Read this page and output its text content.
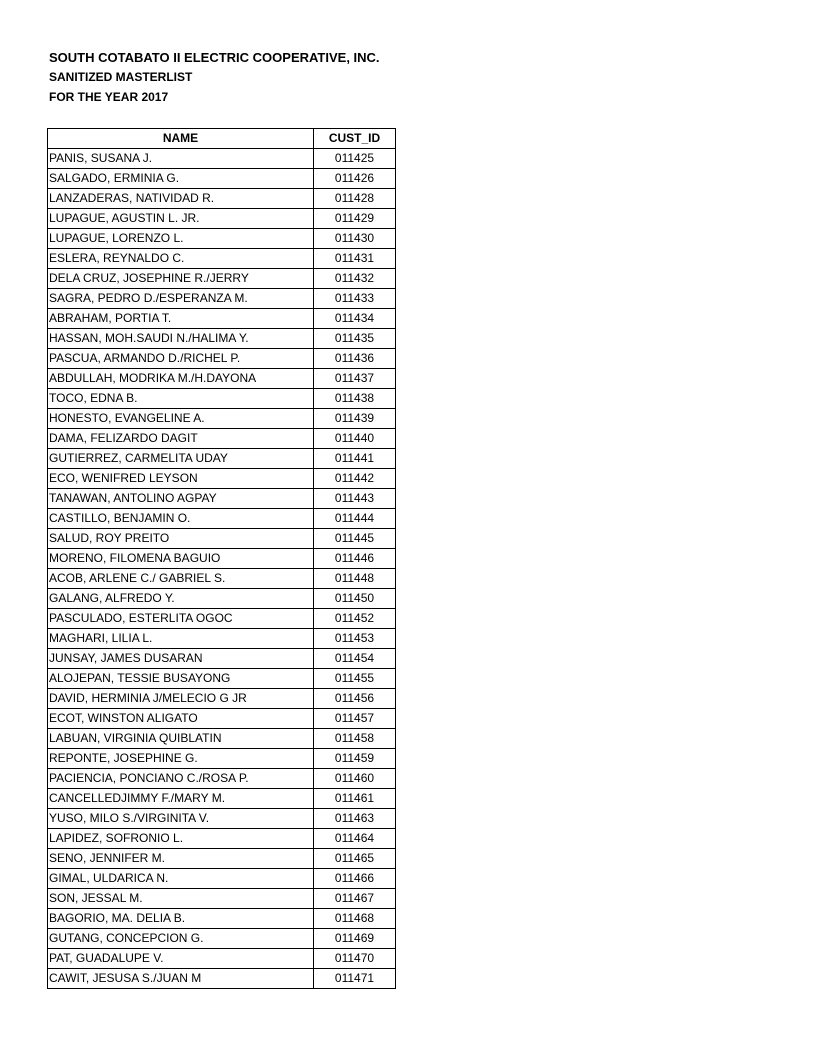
SOUTH COTABATO II ELECTRIC COOPERATIVE, INC.
SANITIZED MASTERLIST
FOR THE YEAR 2017
NAME	CUST_ID
PANIS, SUSANA J.	011425
SALGADO, ERMINIA G.	011426
LANZADERAS, NATIVIDAD R.	011428
LUPAGUE, AGUSTIN L. JR.	011429
LUPAGUE, LORENZO L.	011430
ESLERA, REYNALDO C.	011431
DELA CRUZ, JOSEPHINE R./JERRY	011432
SAGRA, PEDRO D./ESPERANZA M.	011433
ABRAHAM, PORTIA T.	011434
HASSAN, MOH.SAUDI N./HALIMA Y.	011435
PASCUA, ARMANDO D./RICHEL P.	011436
ABDULLAH, MODRIKA M./H.DAYONA	011437
TOCO, EDNA B.	011438
HONESTO, EVANGELINE A.	011439
DAMA, FELIZARDO DAGIT	011440
GUTIERREZ, CARMELITA UDAY	011441
ECO, WENIFRED LEYSON	011442
TANAWAN, ANTOLINO AGPAY	011443
CASTILLO, BENJAMIN O.	011444
SALUD, ROY PREITO	011445
MORENO, FILOMENA BAGUIO	011446
ACOB, ARLENE C./ GABRIEL S.	011448
GALANG, ALFREDO Y.	011450
PASCULADO, ESTERLITA OGOC	011452
MAGHARI, LILIA L.	011453
JUNSAY, JAMES DUSARAN	011454
ALOJEPAN, TESSIE BUSAYONG	011455
DAVID, HERMINIA J/MELECIO G JR	011456
ECOT, WINSTON ALIGATO	011457
LABUAN, VIRGINIA QUIBLATIN	011458
REPONTE, JOSEPHINE G.	011459
PACIENCIA, PONCIANO C./ROSA P.	011460
CANCELLEDJIMMY F./MARY M.	011461
YUSO, MILO S./VIRGINITA V.	011463
LAPIDEZ, SOFRONIO L.	011464
SENO, JENNIFER M.	011465
GIMAL, ULDARICA N.	011466
SON, JESSAL M.	011467
BAGORIO, MA. DELIA B.	011468
GUTANG, CONCEPCION G.	011469
PAT, GUADALUPE V.	011470
CAWIT, JESUSA S./JUAN M	011471
